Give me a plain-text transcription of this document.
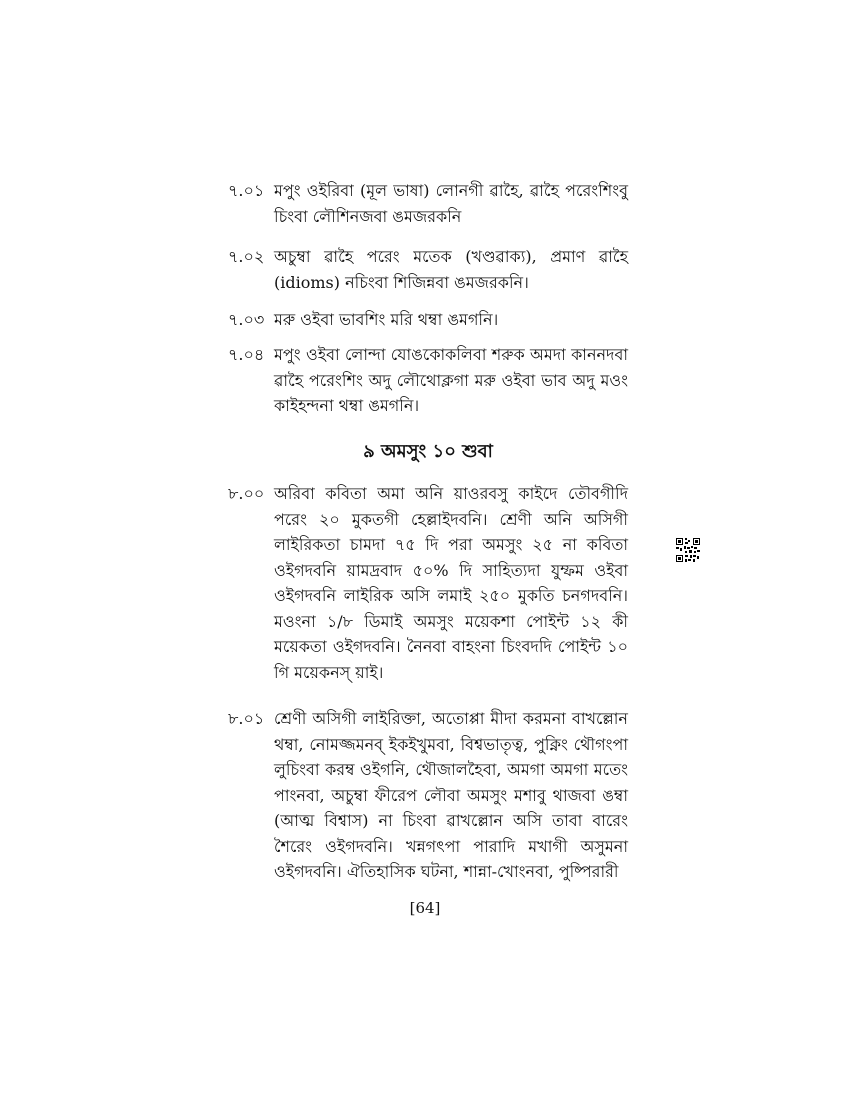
৭.০১ মপুং ওইরিবা (মূল ভাষা) লোনগী ৱাহৈ, ৱাহৈ পরেংশিংবু চিংবা লৌশিনজবা ঙমজরকনি
৭.০২ অচুম্বা ৱাহৈ পরেং মতেক (খণ্ডৱাক্য), প্রমাণ ৱাহৈ (idioms) নচিংবা শিজিন্নবা ঙমজরকনি।
৭.০৩ মরু ওইবা ভাবশিং মরি থম্বা ঙমগনি।
৭.০৪ মপুং ওইবা লোন্দা যোঙকোকলিবা শরুক অমদা কাননদবা ৱাহৈ পরেংশিং অদু লৌথোক্লগা মরু ওইবা ভাব অদু মওং কাইহন্দনা থম্বা ঙমগনি।
৯ অমসুং ১০ শুবা
৮.০০ অরিবা কবিতা অমা অনি য়াওরবসু কাইদে তৌবগীদি পরেং ২০ মুকতগী হেল্লাইদবনি। শ্রেণী অনি অসিগী লাইরিকতা চামদা ৭৫ দি পরা অমসুং ২৫ না কবিতা ওইগদবনি য়ামদ্রবাদ ৫০% দি সাহিত্যদা যুম্ফম ওইবা ওইগদবনি লাইরিক অসি লমাই ২৫০ মুকতি চনগদবনি। মওংনা ১/৮ ডিমাই অমসুং ময়েকশা পোইন্ট ১২ কী ময়েকতা ওইগদবনি। নৈনবা বাহংনা চিংবদদি পোইন্ট ১০ গি ময়েকনস্ য়াই।
৮.০১ শ্রেণী অসিগী লাইরিক্তা, অতোপ্পা মীদা করমনা বাখল্লোন থম্বা, নোমজ্জমনব্ ইকইখুমবা, বিশ্বভাতৃত্ব, পুক্নিং থৌগংপা লুচিংবা করম্ব ওইগনি, থৌজালহৈবা, অমগা অমগা মতেং পাংনবা, অচুম্বা ফীরেপ লৌবা অমসুং মশাবু থাজবা ঙম্বা (আত্ম বিশ্বাস) না চিংবা ৱাখল্লোন অসি তাবা বারেং শৈরেং ওইগদবনি। খন্নগৎপা পারাদি মখাগী অসুমনা ওইগদবনি। ঐতিহাসিক ঘটনা, শান্না-খোংনবা, পুষ্পিরারী
[64]
